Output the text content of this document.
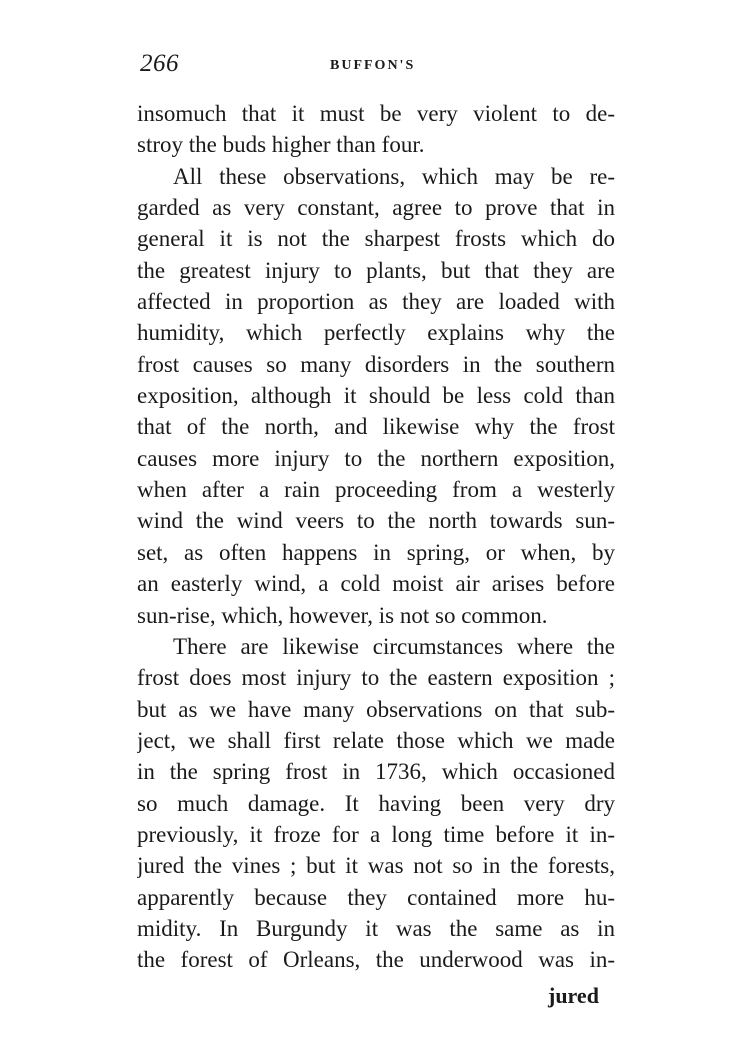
266	BUFFON'S
insomuch that it must be very violent to de-
stroy the buds higher than four.
All these observations, which may be re-
garded as very constant, agree to prove that in
general it is not the sharpest frosts which do
the greatest injury to plants, but that they are
affected in proportion as they are loaded with
humidity, which perfectly explains why the
frost causes so many disorders in the southern
exposition, although it should be less cold than
that of the north, and likewise why the frost
causes more injury to the northern exposition,
when after a rain proceeding from a westerly
wind the wind veers to the north towards sun-
set, as often happens in spring, or when, by
an easterly wind, a cold moist air arises before
sun-rise, which, however, is not so common.
There are likewise circumstances where the
frost does most injury to the eastern exposition ;
but as we have many observations on that sub-
ject, we shall first relate those which we made
in the spring frost in 1736, which occasioned
so much damage. It having been very dry
previously, it froze for a long time before it in-
jured the vines ; but it was not so in the forests,
apparently because they contained more hu-
midity. In Burgundy it was the same as in
the forest of Orleans, the underwood was in-
jured
